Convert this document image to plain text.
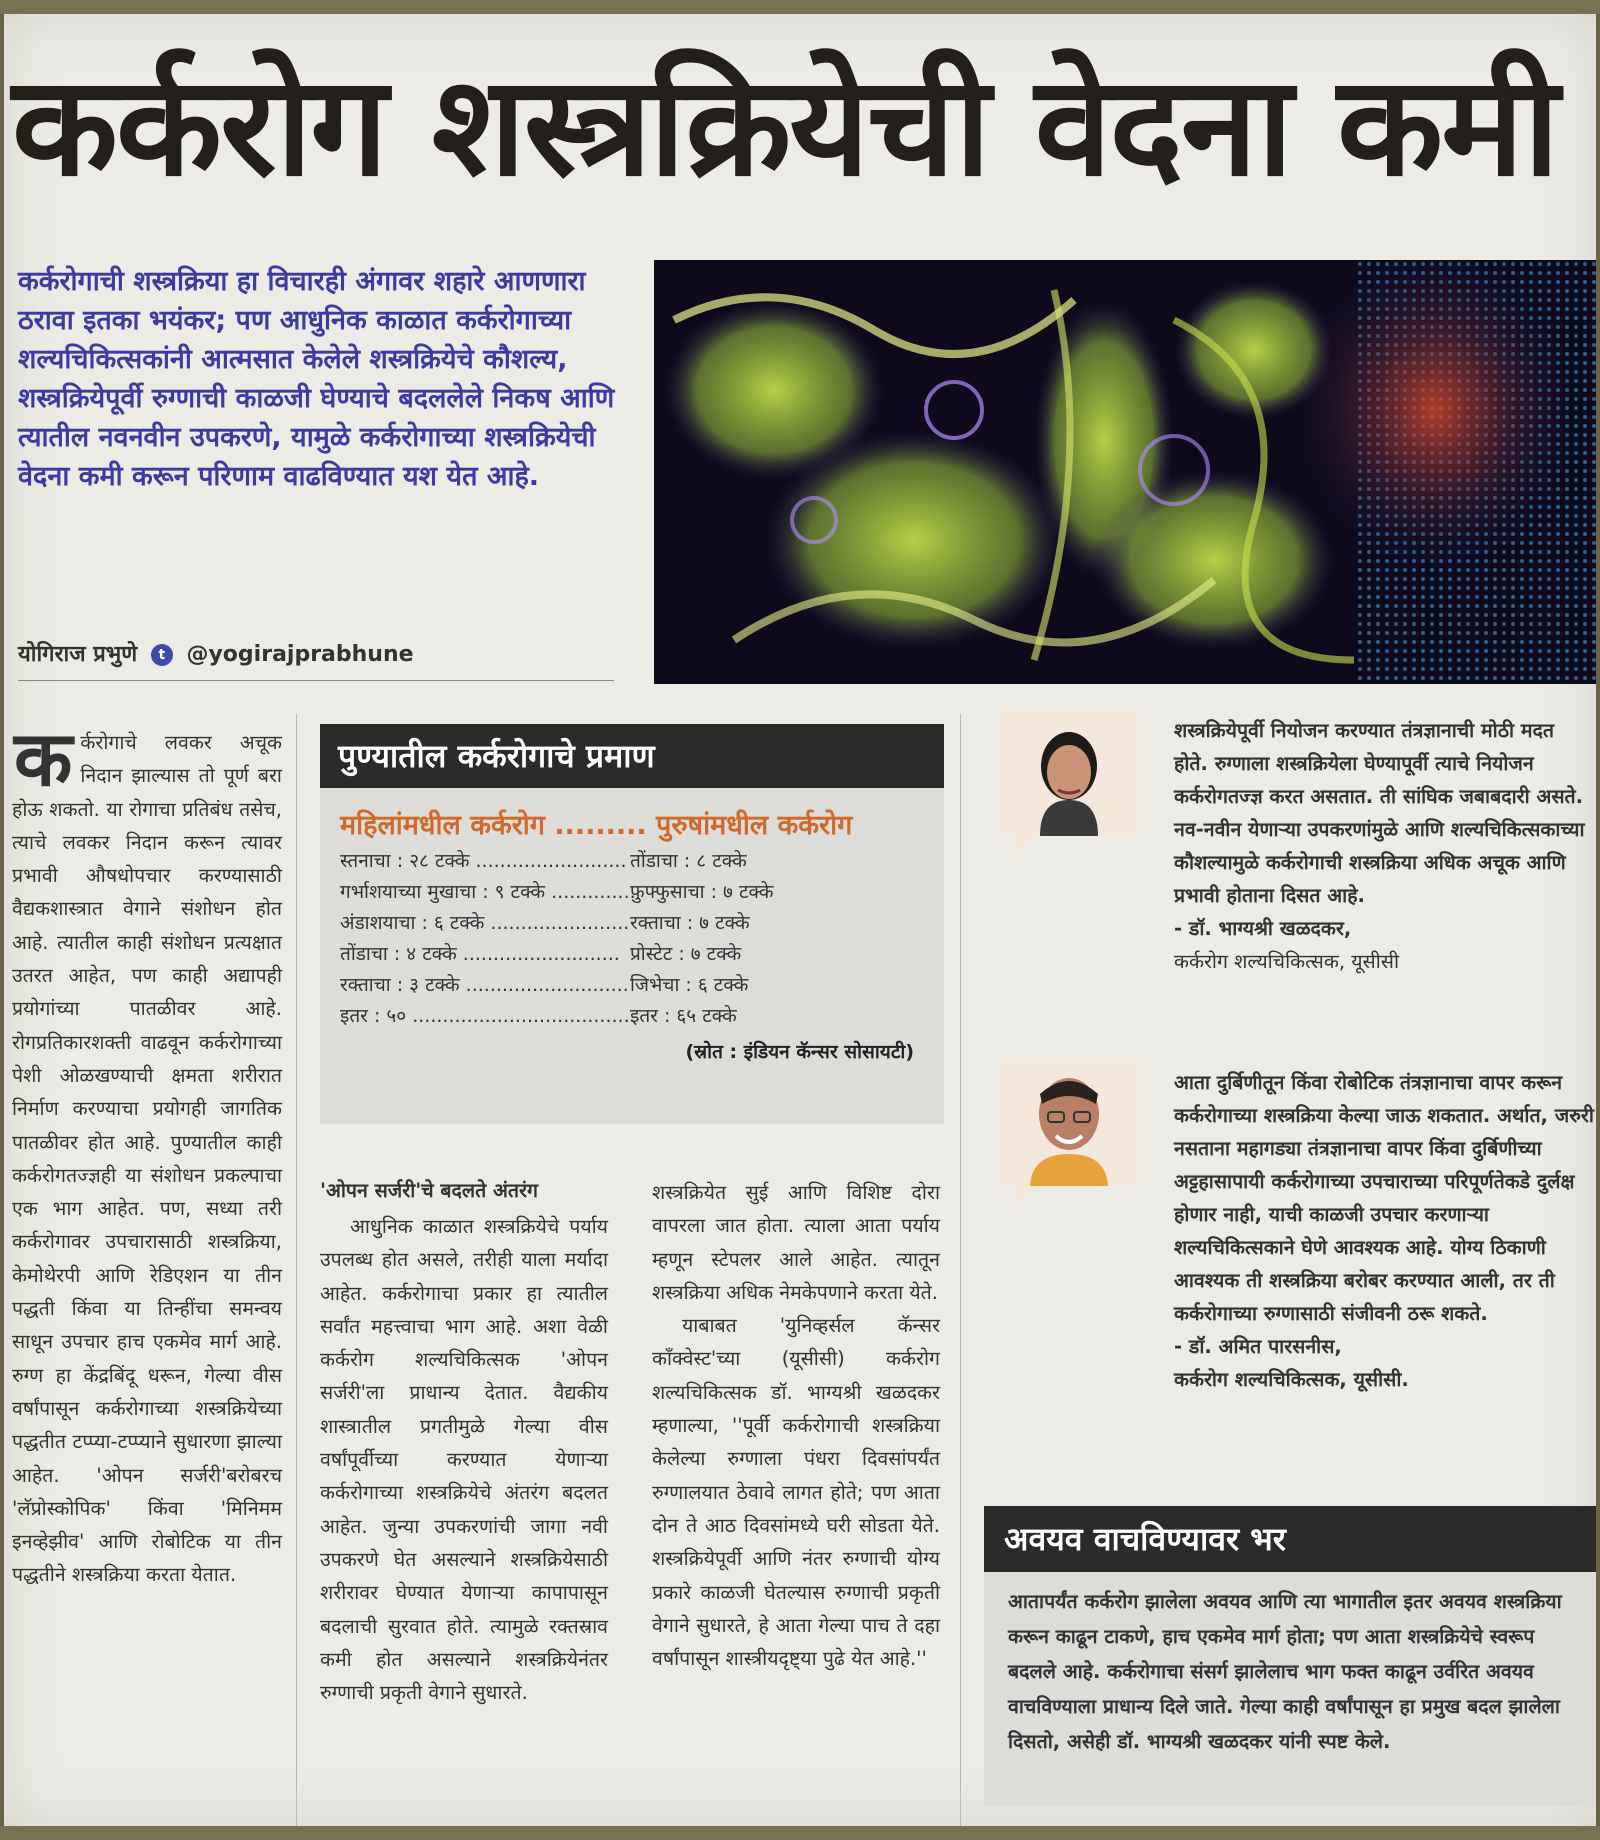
कर्करोग शस्त्रक्रियेची वेदना कमी
कर्करोगाची शस्त्रक्रिया हा विचारही अंगावर शहारे आणणारा ठरावा इतका भयंकर; पण आधुनिक काळात कर्करोगाच्या शल्यचिकित्सकांनी आत्मसात केलेले शस्त्रक्रियेचे कौशल्य, शस्त्रक्रियेपूर्वी रुग्णाची काळजी घेण्याचे बदललेले निकष आणि त्यातील नवनवीन उपकरणे, यामुळे कर्करोगाच्या शस्त्रक्रियेची वेदना कमी करून परिणाम वाढविण्यात यश येत आहे.
योगिराज प्रभुणे t @yogirajprabhune
क र्करोगाचे लवकर अचूक निदान झाल्यास तो पूर्ण बरा होऊ शकतो. या रोगाचा प्रतिबंध तसेच, त्याचे लवकर निदान करून त्यावर प्रभावी औषधोपचार करण्यासाठी वैद्यकशास्त्रात वेगाने संशोधन होत आहे. त्यातील काही संशोधन प्रत्यक्षात उतरत आहेत, पण काही अद्यापही प्रयोगांच्या पातळीवर आहे. रोगप्रतिकारशक्ती वाढवून कर्करोगाच्या पेशी ओळखण्याची क्षमता शरीरात निर्माण करण्याचा प्रयोगही जागतिक पातळीवर होत आहे. पुण्यातील काही कर्करोगतज्ज्ञही या संशोधन प्रकल्पाचा एक भाग आहेत. पण, सध्या तरी कर्करोगावर उपचारासाठी शस्त्रक्रिया, केमोथेरपी आणि रेडिएशन या तीन पद्धती किंवा या तिन्हींचा समन्वय साधून उपचार हाच एकमेव मार्ग आहे. रुग्ण हा केंद्रबिंदू धरून, गेल्या वीस वर्षांपासून कर्करोगाच्या शस्त्रक्रियेच्या पद्धतीत टप्प्या-टप्प्याने सुधारणा झाल्या आहेत. 'ओपन सर्जरी'बरोबरच 'लॅप्रोस्कोपिक' किंवा 'मिनिमम इनव्हेझीव' आणि रोबोटिक या तीन पद्धतीने शस्त्रक्रिया करता येतात.
पुण्यातील कर्करोगाचे प्रमाण
महिलांमधील कर्करोग ......... पुरुषांमधील कर्करोग
स्तनाचा : २८ टक्के ......................... तोंडाचा : ८ टक्के
गर्भाशयाच्या मुखाचा : ९ टक्के ..............फुफ्फुसाचा : ७ टक्के
अंडाशयाचा : ६ टक्के .......................रक्ताचा : ७ टक्के
तोंडाचा : ४ टक्के .......................... प्रोस्टेट : ७ टक्के
रक्ताचा : ३ टक्के ...........................जिभेचा : ६ टक्के
इतर : ५० ....................................इतर : ६५ टक्के
(स्रोत : इंडियन कॅन्सर सोसायटी)
'ओपन सर्जरी'चे बदलते अंतरंग
आधुनिक काळात शस्त्रक्रियेचे पर्याय उपलब्ध होत असले, तरीही याला मर्यादा आहेत. कर्करोगाचा प्रकार हा त्यातील सर्वांत महत्त्वाचा भाग आहे. अशा वेळी कर्करोग शल्यचिकित्सक 'ओपन सर्जरी'ला प्राधान्य देतात. वैद्यकीय शास्त्रातील प्रगतीमुळे गेल्या वीस वर्षांपूर्वीच्या करण्यात येणाऱ्या कर्करोगाच्या शस्त्रक्रियेचे अंतरंग बदलत आहेत. जुन्या उपकरणांची जागा नवी उपकरणे घेत असल्याने शस्त्रक्रियेसाठी शरीरावर घेण्यात येणाऱ्या कापापासून बदलाची सुरवात होते. त्यामुळे रक्तस्राव कमी होत असल्याने शस्त्रक्रियेनंतर रुग्णाची प्रकृती वेगाने सुधारते.
शस्त्रक्रियेत सुई आणि विशिष्ट दोरा वापरला जात होता. त्याला आता पर्याय म्हणून स्टेपलर आले आहेत. त्यातून शस्त्रक्रिया अधिक नेमकेपणाने करता येते.
याबाबत 'युनिव्हर्सल कॅन्सर कॉंक्वेस्ट'च्या (यूसीसी) कर्करोग शल्यचिकित्सक डॉ. भाग्यश्री खळदकर म्हणाल्या, ''पूर्वी कर्करोगाची शस्त्रक्रिया केलेल्या रुग्णाला पंधरा दिवसांपर्यंत रुग्णालयात ठेवावे लागत होते; पण आता दोन ते आठ दिवसांमध्ये घरी सोडता येते. शस्त्रक्रियेपूर्वी आणि नंतर रुग्णाची योग्य प्रकारे काळजी घेतल्यास रुग्णाची प्रकृती वेगाने सुधारते, हे आता गेल्या पाच ते दहा वर्षांपासून शास्त्रीयदृष्ट्या पुढे येत आहे.''
शस्त्रक्रियेपूर्वी नियोजन करण्यात तंत्रज्ञानाची मोठी मदत होते. रुग्णाला शस्त्रक्रियेला घेण्यापूर्वी त्याचे नियोजन कर्करोगतज्ज्ञ करत असतात. ती सांघिक जबाबदारी असते. नव-नवीन येणाऱ्या उपकरणांमुळे आणि शल्यचिकित्सकाच्या कौशल्यामुळे कर्करोगाची शस्त्रक्रिया अधिक अचूक आणि प्रभावी होताना दिसत आहे.
- डॉ. भाग्यश्री खळदकर,
कर्करोग शल्यचिकित्सक, यूसीसी
आता दुर्बिणीतून किंवा रोबोटिक तंत्रज्ञानाचा वापर करून कर्करोगाच्या शस्त्रक्रिया केल्या जाऊ शकतात. अर्थात, जरुरी नसताना महागड्या तंत्रज्ञानाचा वापर किंवा दुर्बिणीच्या अट्टहासापायी कर्करोगाच्या उपचाराच्या परिपूर्णतेकडे दुर्लक्ष होणार नाही, याची काळजी उपचार करणाऱ्या शल्यचिकित्सकाने घेणे आवश्यक आहे. योग्य ठिकाणी आवश्यक ती शस्त्रक्रिया बरोबर करण्यात आली, तर ती कर्करोगाच्या रुग्णासाठी संजीवनी ठरू शकते.
- डॉ. अमित पारसनीस,
कर्करोग शल्यचिकित्सक, यूसीसी.
अवयव वाचविण्यावर भर
आतापर्यंत कर्करोग झालेला अवयव आणि त्या भागातील इतर अवयव शस्त्रक्रिया करून काढून टाकणे, हाच एकमेव मार्ग होता; पण आता शस्त्रक्रियेचे स्वरूप बदलले आहे. कर्करोगाचा संसर्ग झालेलाच भाग फक्त काढून उर्वरित अवयव वाचविण्याला प्राधान्य दिले जाते. गेल्या काही वर्षांपासून हा प्रमुख बदल झालेला दिसतो, असेही डॉ. भाग्यश्री खळदकर यांनी स्पष्ट केले.
